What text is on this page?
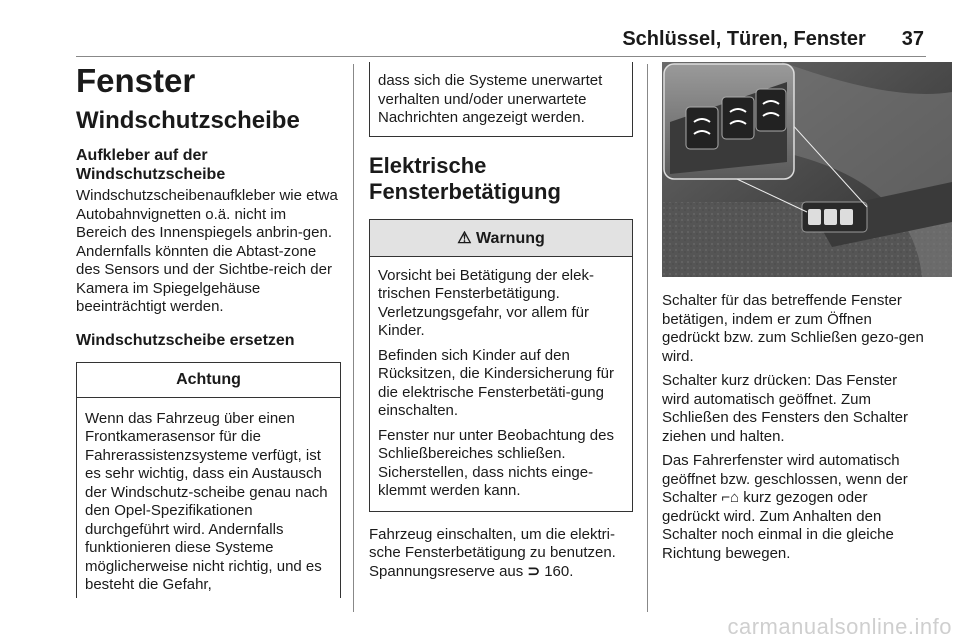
Schlüssel, Türen, Fenster 37
Fenster
Windschutzscheibe
Aufkleber auf der Windschutzscheibe

Windschutzscheibenaufkleber wie etwa Autobahnvignetten o.ä. nicht im Bereich des Innenspiegels anbrin-gen. Andernfalls könnten die Abtast-zone des Sensors und der Sichtbe-reich der Kamera im Spiegelgehäuse beeinträchtigt werden.

Windschutzscheibe ersetzen
Achtung
Wenn das Fahrzeug über einen Frontkamerasensor für die Fahrerassistenzsysteme verfügt, ist es sehr wichtig, dass ein Austausch der Windschutz-scheibe genau nach den Opel-Spezifikationen durchgeführt wird. Andernfalls funktionieren diese Systeme möglicherweise nicht richtig, und es besteht die Gefahr,
dass sich die Systeme unerwartet verhalten und/oder unerwartete Nachrichten angezeigt werden.
Elektrische Fensterbetätigung
⚠ Warnung

Vorsicht bei Betätigung der elek-trischen Fensterbetätigung. Verletzungsgefahr, vor allem für Kinder.

Befinden sich Kinder auf den Rücksitzen, die Kindersicherung für die elektrische Fensterbetäti-gung einschalten.

Fenster nur unter Beobachtung des Schließbereiches schließen. Sicherstellen, dass nichts einge-klemmt werden kann.

Fahrzeug einschalten, um die elektri-sche Fensterbetätigung zu benutzen. Spannungsreserve aus ⊃ 160.

Schalter für das betreffende Fenster betätigen, indem er zum Öffnen gedrückt bzw. zum Schließen gezo-gen wird.

Schalter kurz drücken: Das Fenster wird automatisch geöffnet. Zum Schließen des Fensters den Schalter ziehen und halten.

Das Fahrerfenster wird automatisch geöffnet bzw. geschlossen, wenn der Schalter ⌐⌂ kurz gezogen oder gedrückt wird. Zum Anhalten den Schalter noch einmal in die gleiche Richtung bewegen.

carmanualsonline.info
